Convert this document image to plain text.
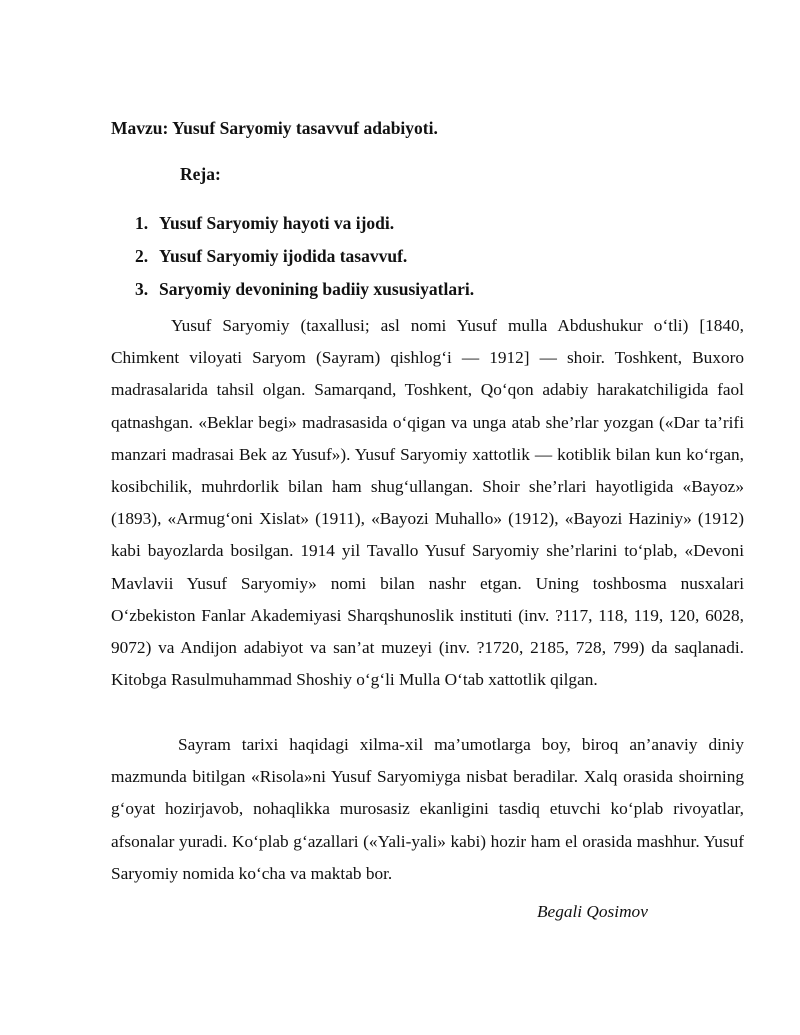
Mavzu: Yusuf Saryomiy tasavvuf adabiyoti.
Reja:
1. Yusuf Saryomiy hayoti va ijodi.
2. Yusuf Saryomiy ijodida tasavvuf.
3. Saryomiy devonining badiiy xususiyatlari.

Yusuf Saryomiy (taxallusi; asl nomi Yusuf mulla Abdushukur o‘tli) [1840, Chimkent viloyati Saryom (Sayram) qishlog‘i — 1912] — shoir. Toshkent, Buxoro madrasalarida tahsil olgan. Samarqand, Toshkent, Qo‘qon adabiy harakatchiligida faol qatnashgan. «Beklar begi» madrasasida o‘qigan va unga atab she’rlar yozgan («Dar ta’rifi manzari madrasai Bek az Yusuf»). Yusuf Saryomiy xattotlik — kotiblik bilan kun ko‘rgan, kosibchilik, muhrdorlik bilan ham shug‘ullangan. Shoir she’rlari hayotligida «Bayoz» (1893), «Armug‘oni Xislat» (1911), «Bayozi Muhallo» (1912), «Bayozi Haziniy» (1912) kabi bayozlarda bosilgan. 1914 yil Tavallo Yusuf Saryomiy she’rlarini to‘plab, «Devoni Mavlavii Yusuf Saryomiy» nomi bilan nashr etgan. Uning toshbosma nusxalari O‘zbekiston Fanlar Akademiyasi Sharqshunoslik instituti (inv. ?117, 118, 119, 120, 6028, 9072) va Andijon adabiyot va san’at muzeyi (inv. ?1720, 2185, 728, 799) da saqlanadi. Kitobga Rasulmuhammad Shoshiy o‘g‘li Mulla O‘tab xattotlik qilgan.

Sayram tarixi haqidagi xilma-xil ma’umotlarga boy, biroq an’anaviy diniy mazmunda bitilgan «Risola»ni Yusuf Saryomiyga nisbat beradilar. Xalq orasida shoirning g‘oyat hozirjavob, nohaqlikka murosasiz ekanligini tasdiq etuvchi ko‘plab rivoyatlar, afsonalar yuradi. Ko‘plab g‘azallari («Yali-yali» kabi) hozir ham el orasida mashhur. Yusuf Saryomiy nomida ko‘cha va maktab bor.

Begali Qosimov
